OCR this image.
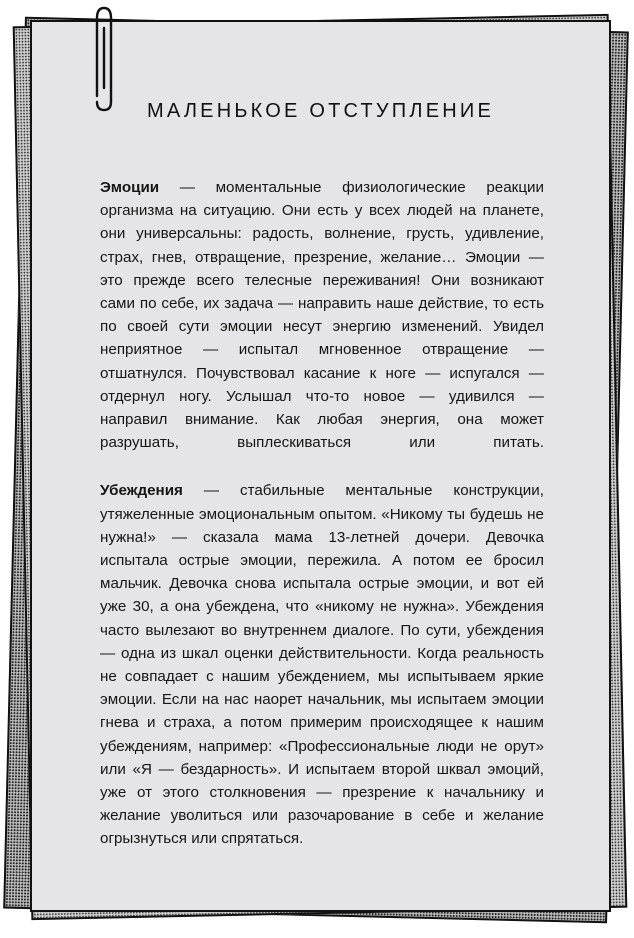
МАЛЕНЬКОЕ ОТСТУПЛЕНИЕ

Эмоции — моментальные физиологические реакции организма на ситуацию. Они есть у всех людей на планете, они универсальны: радость, волнение, грусть, удивление, страх, гнев, отвращение, презрение, желание… Эмоции — это прежде всего телесные переживания! Они возникают сами по себе, их задача — направить наше действие, то есть по своей сути эмоции несут энергию изменений. Увидел неприятное — испытал мгновенное отвращение — отшатнулся. Почувствовал касание к ноге — испугался — отдернул ногу. Услышал что-то новое — удивился — направил внимание. Как любая энергия, она может разрушать, выплескиваться или питать.

Убеждения — стабильные ментальные конструкции, утяжеленные эмоциональным опытом. «Никому ты будешь не нужна!» — сказала мама 13-летней дочери. Девочка испытала острые эмоции, пережила. А потом ее бросил мальчик. Девочка снова испытала острые эмоции, и вот ей уже 30, а она убеждена, что «никому не нужна». Убеждения часто вылезают во внутреннем диалоге. По сути, убеждения — одна из шкал оценки действительности. Когда реальность не совпадает с нашим убеждением, мы испытываем яркие эмоции. Если на нас наорет начальник, мы испытаем эмоции гнева и страха, а потом примерим происходящее к нашим убеждениям, например: «Профессиональные люди не орут» или «Я — бездарность». И испытаем второй шквал эмоций, уже от этого столкновения — презрение к начальнику и желание уволиться или разочарование в себе и желание огрызнуться или спрятаться.
